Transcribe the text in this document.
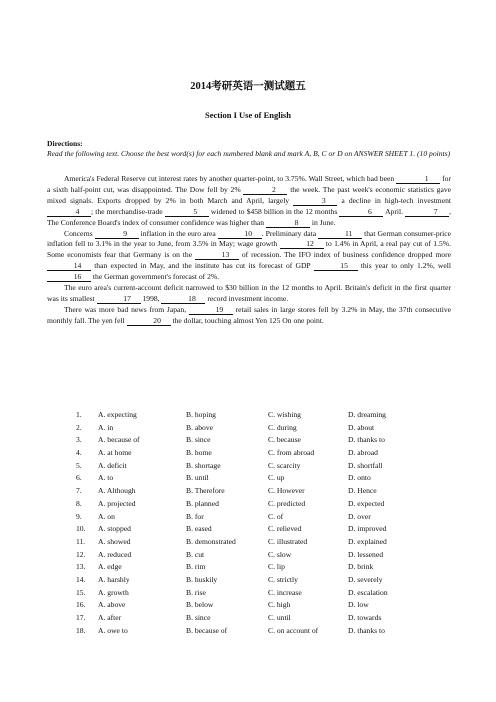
2014考研英语一测试题五
Section I Use of English
Directions:
Read the following text. Choose the best word(s) for each numbered blank and mark A, B, C or D on ANSWER SHEET 1. (10 points)

America's Federal Reserve cut interest rates by another quarter-point, to 3.75%. Wall Street, which had been	1 for a sixth half-point cut, was disappointed. The Dow fell by 2%	2 the week. The past week's economic statistics gave mixed signals. Exports dropped by 2% in both March and April, largely	3 a decline in high-tech investment 4 ; the merchandise-trade	5 widened to $458 billion in the 12 months	6 April.	7 , The Conference Board's index of consumer confidence was higher than	8 in June.

Concerns	9 inflation in the euro area	10 . Preliminary data	11 that German consumer-price inflation fell to 3.1% in the year to June, from 3.5% in May; wage growth	12 to 1.4% in April, a real pay cut of 1.5%. Some economists fear that Germany is on the	13 of recession. The IFO index of business confidence dropped more 14 than expected in May, and the institute has cut its forecast of GDP	15 this year to only 1.2%, well 16 the German government's forecast of 2%.

The euro area's current-account deficit narrowed to $30 billion in the 12 months to April. Britain's deficit in the first quarter was its smallest	17 1998,	18 record investment income.

There was more bad news from Japan,	19 retail sales in large stores fell by 3.2% in May, the 37th consecutive monthly fall. The yen fell	20 the dollar, touching almost Yen 125 On one point.

1.	A. expecting	B. hoping	C. wishing	D. dreaming
2.	A. in	B. above	C. during	D. about
3.	A. because of	B. since	C. because	D. thanks to
4.	A. at home	B. home	C. from abroad	D. abroad
5.	A. deficit	B. shortage	C. scarcity	D. shortfall
6.	A. to	B. until	C. up	D. onto
7.	A. Although	B. Therefore	C. However	D. Hence
8.	A. projected	B. planned	C. predicted	D. expected
9.	A. on	B. for	C. of	D. over
10.	A. stopped	B. eased	C. relieved	D. improved
11.	A. showed	B. demonstrated	C. illustrated	D. explained
12.	A. reduced	B. cut	C. slow	D. lessened
13.	A. edge	B. rim	C. lip	D. brink
14.	A. harshly	B. huskily	C. strictly	D. severely
15.	A. growth	B. rise	C. increase	D. escalation
16.	A. above	B. below	C. high	D. low
17.	A. after	B. since	C. until	D. towards
18.	A. owe to	B. because of	C. on account of	D. thanks to
